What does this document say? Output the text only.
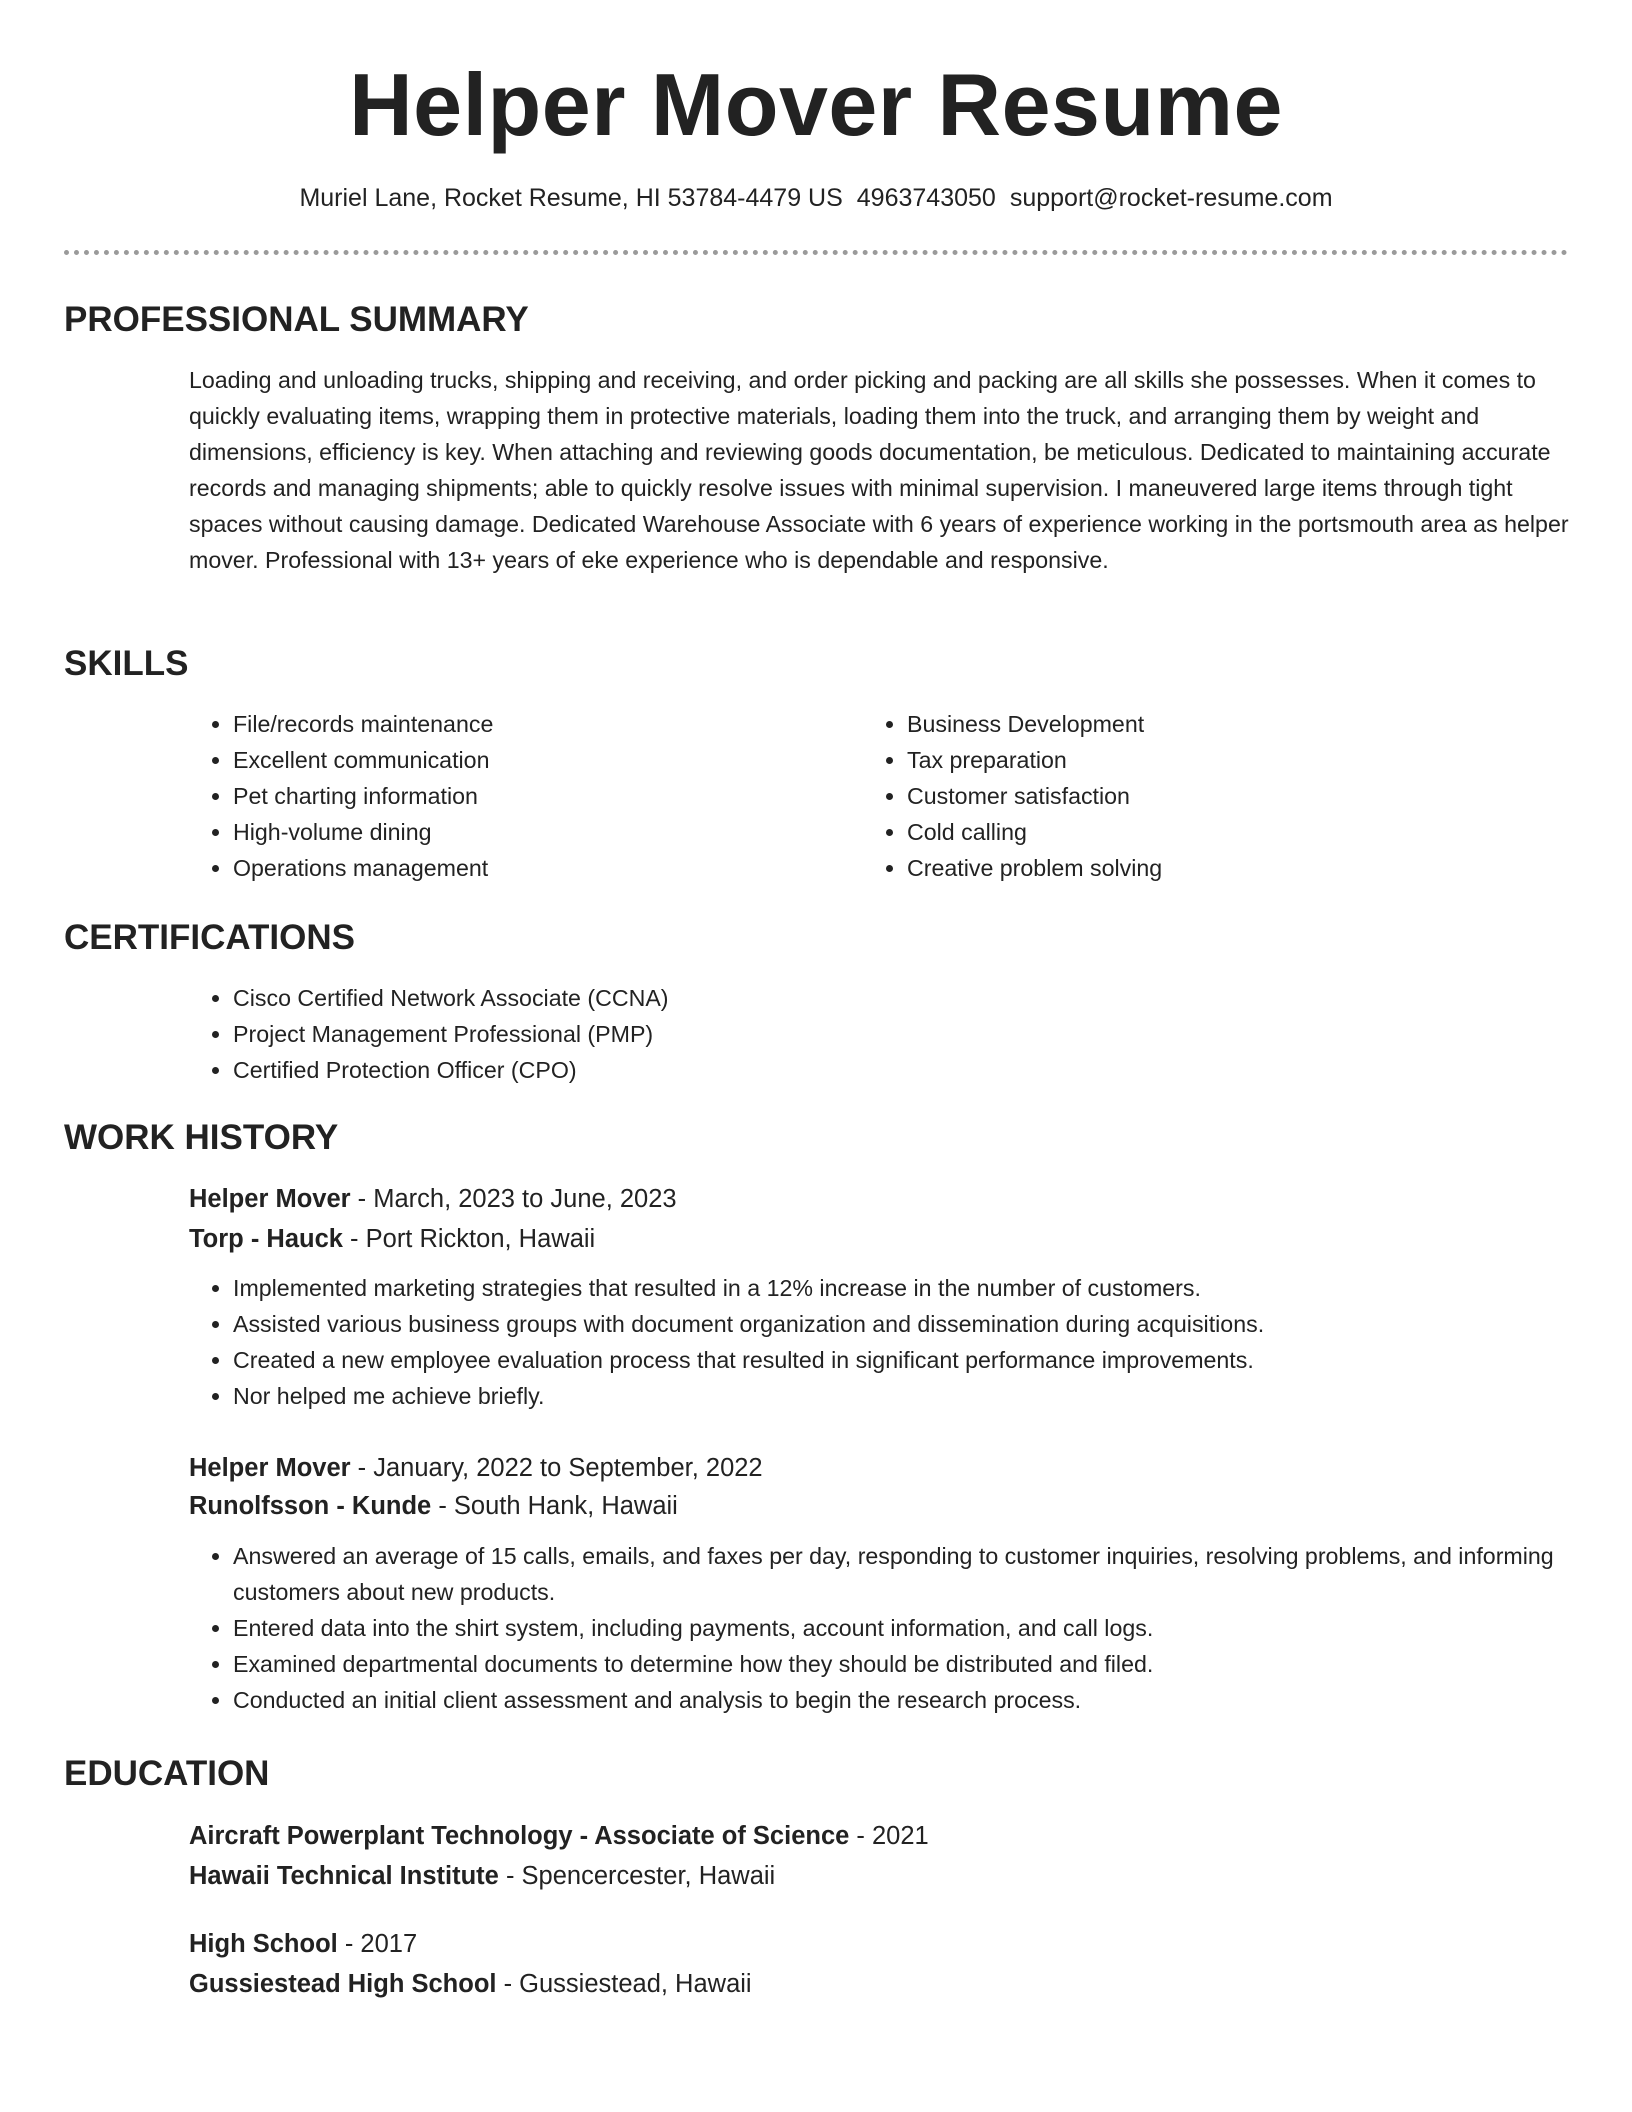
Helper Mover Resume
Muriel Lane, Rocket Resume, HI 53784-4479 US 4963743050 support@rocket-resume.com
PROFESSIONAL SUMMARY

Loading and unloading trucks, shipping and receiving, and order picking and packing are all skills she possesses. When it comes to quickly evaluating items, wrapping them in protective materials, loading them into the truck, and arranging them by weight and dimensions, efficiency is key. When attaching and reviewing goods documentation, be meticulous. Dedicated to maintaining accurate records and managing shipments; able to quickly resolve issues with minimal supervision. I maneuvered large items through tight spaces without causing damage. Dedicated Warehouse Associate with 6 years of experience working in the portsmouth area as helper mover. Professional with 13+ years of eke experience who is dependable and responsive.

SKILLS
• File/records maintenance
• Excellent communication
• Pet charting information
• High-volume dining
• Operations management
• Business Development
• Tax preparation
• Customer satisfaction
• Cold calling
• Creative problem solving
CERTIFICATIONS
• Cisco Certified Network Associate (CCNA)
• Project Management Professional (PMP)
• Certified Protection Officer (CPO)
WORK HISTORY
Helper Mover - March, 2023 to June, 2023
Torp - Hauck - Port Rickton, Hawaii
• Implemented marketing strategies that resulted in a 12% increase in the number of customers.
• Assisted various business groups with document organization and dissemination during acquisitions.
• Created a new employee evaluation process that resulted in significant performance improvements.
• Nor helped me achieve briefly.
Helper Mover - January, 2022 to September, 2022
Runolfsson - Kunde - South Hank, Hawaii
• Answered an average of 15 calls, emails, and faxes per day, responding to customer inquiries, resolving problems, and informing customers about new products.
• Entered data into the shirt system, including payments, account information, and call logs.
• Examined departmental documents to determine how they should be distributed and filed.
• Conducted an initial client assessment and analysis to begin the research process.
EDUCATION
Aircraft Powerplant Technology - Associate of Science - 2021
Hawaii Technical Institute - Spencercester, Hawaii
High School - 2017
Gussiestead High School - Gussiestead, Hawaii
